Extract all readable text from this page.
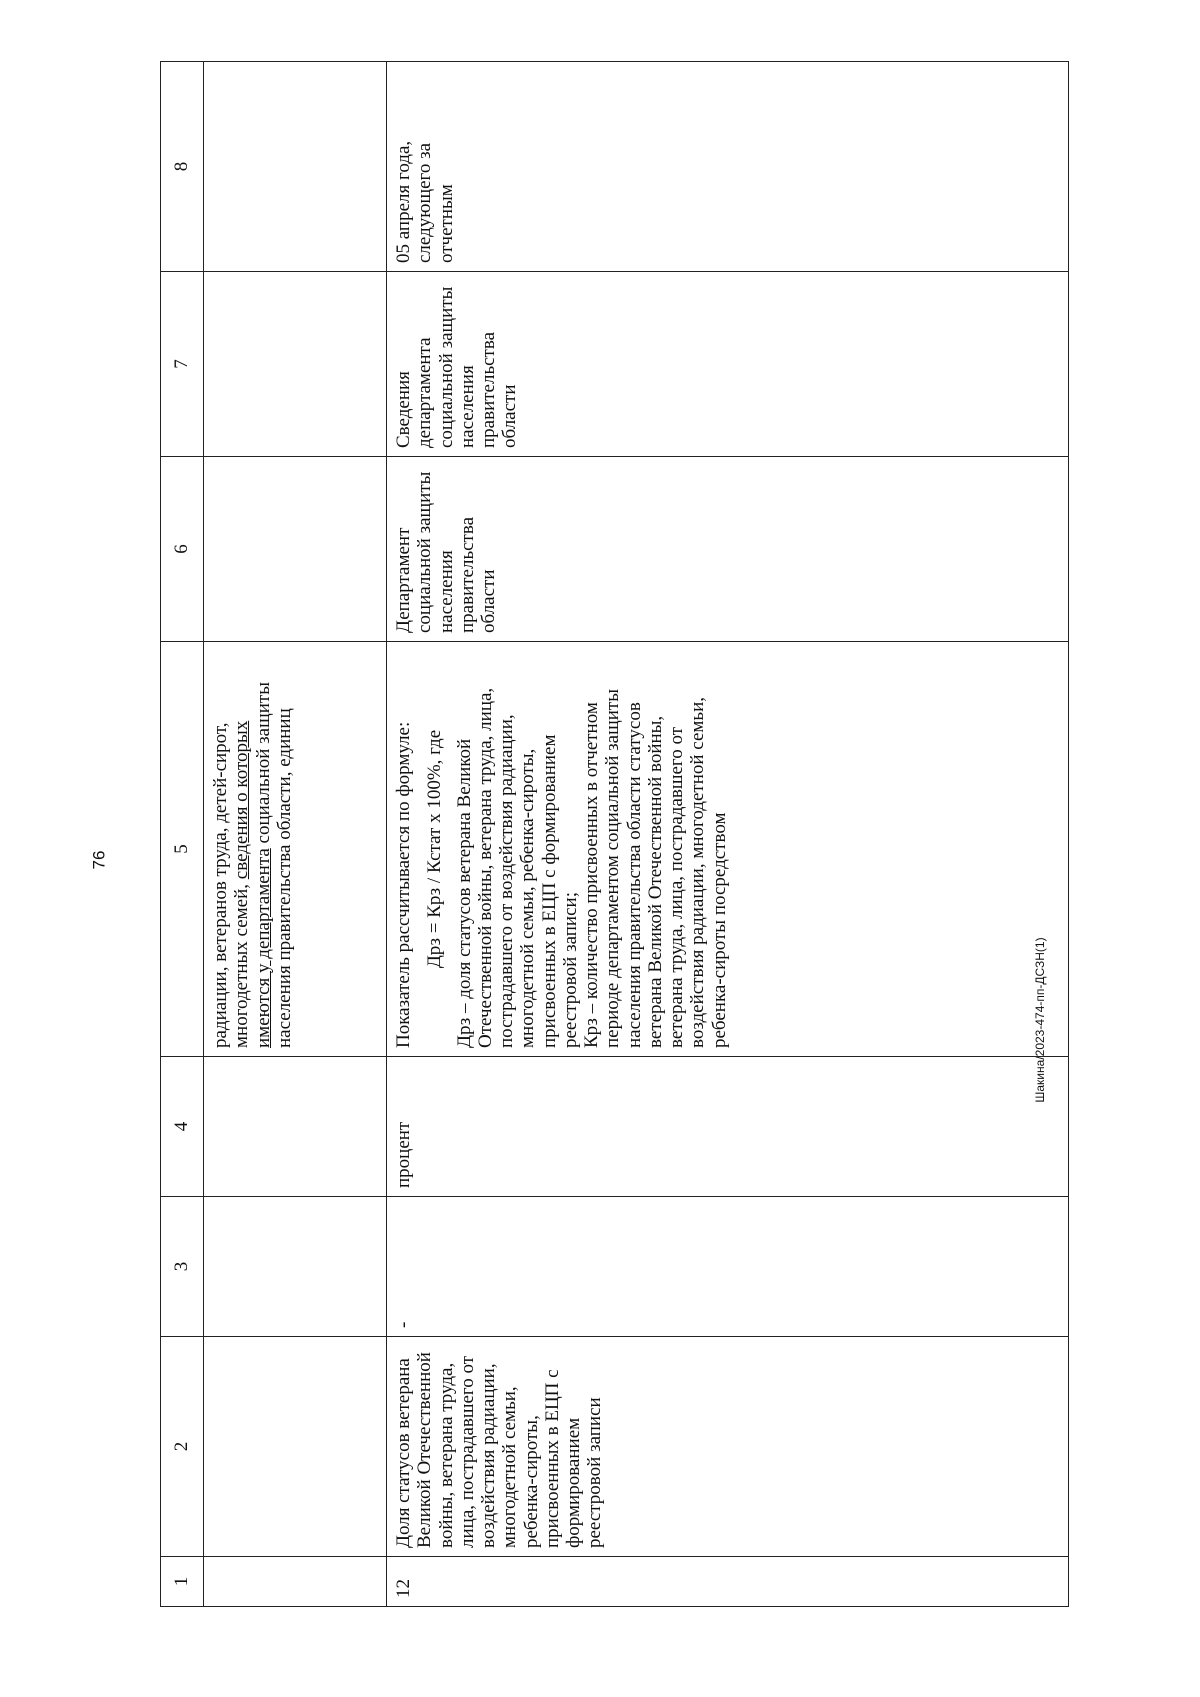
76
Шакина/2023-474-пп-ДСЗН(1)
1	2	3	4	5	6	7	8
				радиации, ветеранов труда, детей-сирот, многодетных семей, сведения о которых имеются у департамента социальной защиты населения правительства области, единиц			
12	Доля статусов ветерана Великой Отечественной войны, ветерана труда, лица, пострадавшего от воздействия радиации, многодетной семьи, ребенка-сироты, присвоенных в ЕЦП с формированием реестровой записи	-	процент	Показатель рассчитывается по формуле: Дрз = Крз / Кстат х 100%, где Дрз – доля статусов ветерана Великой Отечественной войны, ветерана труда, лица, пострадавшего от воздействия радиации, многодетной семьи, ребенка-сироты, присвоенных в ЕЦП с формированием реестровой записи; Крз – количество присвоенных в отчетном периоде департаментом социальной защиты населения правительства области статусов ветерана Великой Отечественной войны, ветерана труда, лица, пострадавшего от воздействия радиации, многодетной семьи, ребенка-сироты посредством	Департамент социальной защиты населения правительства области	Сведения департамента социальной защиты населения правительства области	05 апреля года, следующего за отчетным
